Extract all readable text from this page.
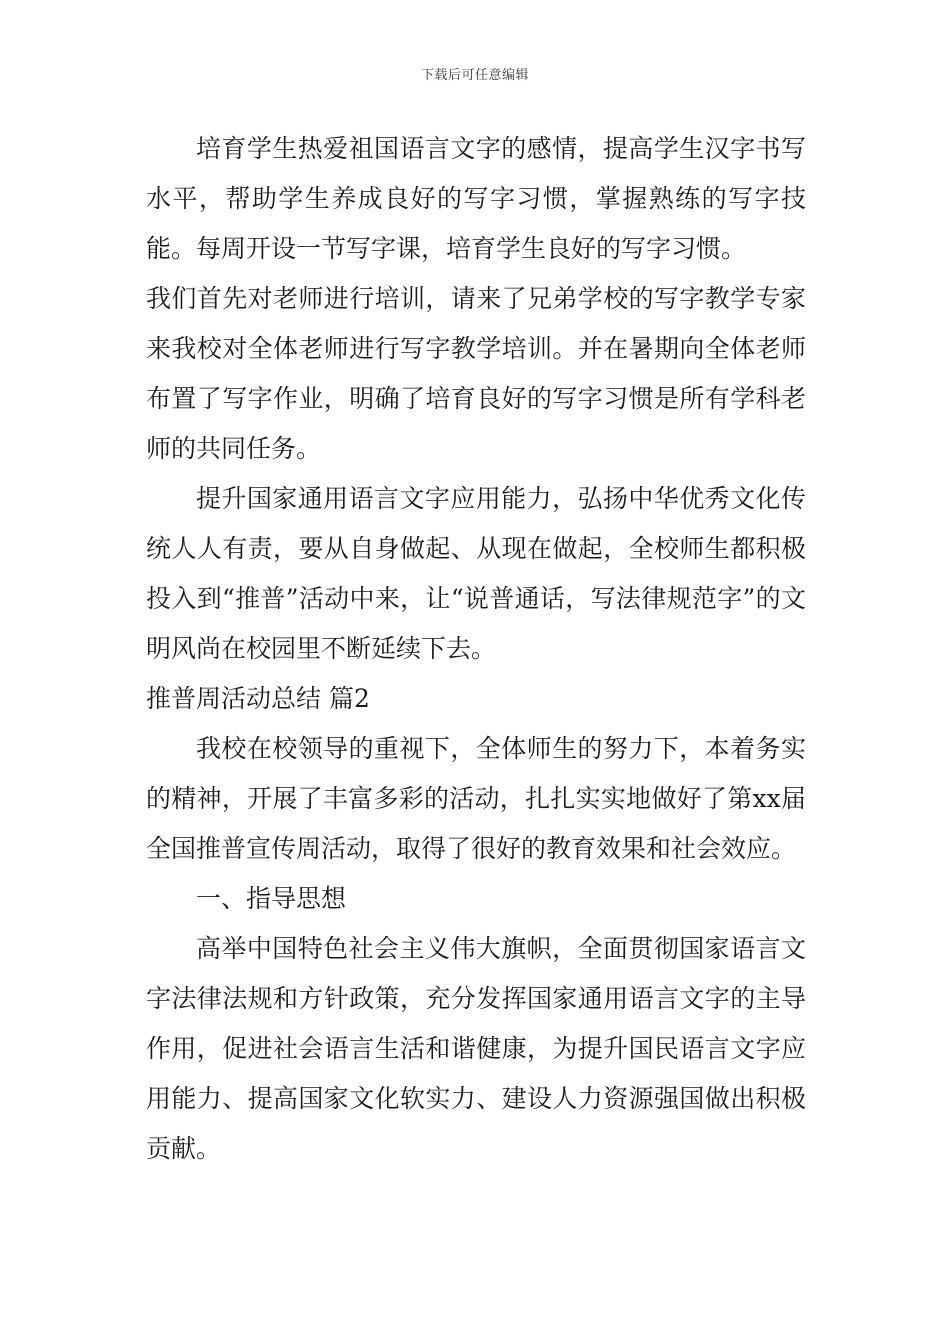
下载后可任意编辑

培育学生热爱祖国语言文字的感情，提高学生汉字书写水平，帮助学生养成良好的写字习惯，掌握熟练的写字技能。每周开设一节写字课，培育学生良好的写字习惯。

我们首先对老师进行培训，请来了兄弟学校的写字教学专家来我校对全体老师进行写字教学培训。并在暑期向全体老师布置了写字作业，明确了培育良好的写字习惯是所有学科老师的共同任务。

提升国家通用语言文字应用能力，弘扬中华优秀文化传统人人有责，要从自身做起、从现在做起，全校师生都积极投入到“推普”活动中来，让“说普通话，写法律规范字”的文明风尚在校园里不断延续下去。

推普周活动总结 篇2

我校在校领导的重视下，全体师生的努力下，本着务实的精神，开展了丰富多彩的活动，扎扎实实地做好了第xx届全国推普宣传周活动，取得了很好的教育效果和社会效应。

一、指导思想

高举中国特色社会主义伟大旗帜，全面贯彻国家语言文字法律法规和方针政策，充分发挥国家通用语言文字的主导作用，促进社会语言生活和谐健康，为提升国民语言文字应用能力、提高国家文化软实力、建设人力资源强国做出积极贡献。
